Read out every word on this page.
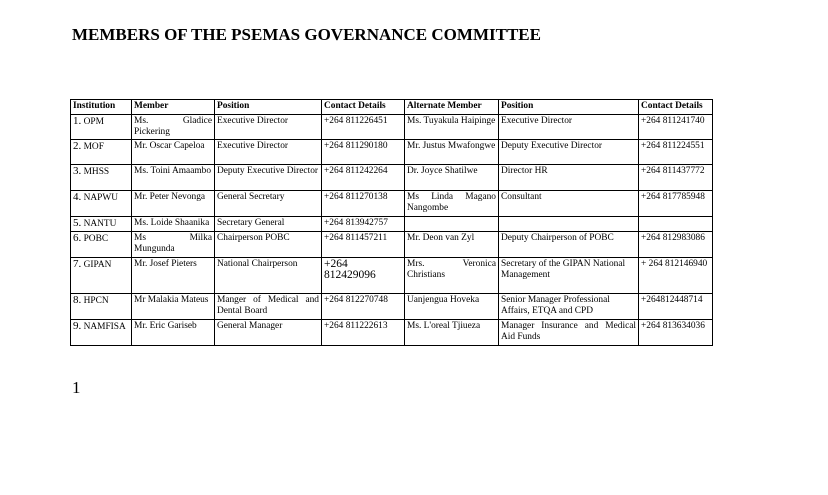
MEMBERS OF THE PSEMAS GOVERNANCE COMMITTEE
Institution	Member	Position	Contact Details	Alternate Member	Position	Contact Details
1. OPM	Ms. Gladice Pickering	Executive Director	+264 811226451	Ms. Tuyakula Haipinge	Executive Director	+264 811241740
2. MOF	Mr. Oscar Capeloa	Executive Director	+264 811290180	Mr. Justus Mwafongwe	Deputy Executive Director	+264 811224551
3. MHSS	Ms. Toini Amaambo	Deputy Executive Director	+264 811242264	Dr. Joyce Shatilwe	Director HR	+264 811437772
4. NAPWU	Mr. Peter Nevonga	General Secretary	+264 811270138	Ms Linda Magano Nangombe	Consultant	+264 817785948
5. NANTU	Ms. Loide Shaanika	Secretary General	+264 813942757			
6. POBC	Ms Milka Mungunda	Chairperson POBC	+264 811457211	Mr. Deon van Zyl	Deputy Chairperson of POBC	+264 812983086
7. GIPAN	Mr. Josef Pieters	National Chairperson	+264 812429096	Mrs. Veronica Christians	Secretary of the GIPAN National Management	+ 264 812146940
8. HPCN	Mr Malakia Mateus	Manger of Medical and Dental Board	+264 812270748	Uanjengua Hoveka	Senior Manager Professional Affairs, ETQA and CPD	+264812448714
9. NAMFISA	Mr. Eric Gariseb	General Manager	+264 811222613	Ms. L'oreal Tjiueza	Manager Insurance and Medical Aid Funds	+264 813634036
1
